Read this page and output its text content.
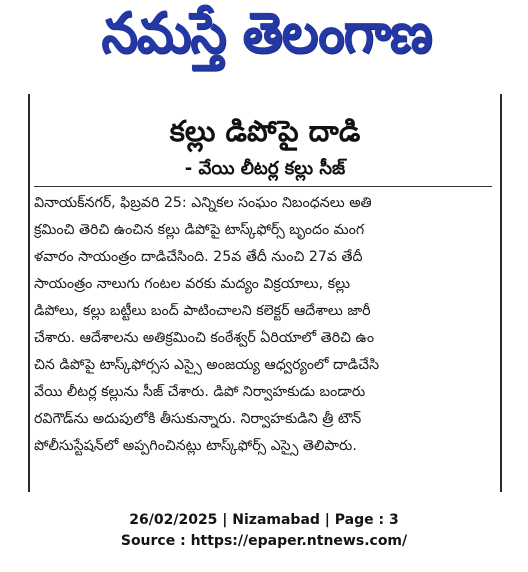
నమస్తే తెలంగాణ
కల్లు డిపోపై దాడి
- వేయి లీటర్ల కల్లు సీజ్
వినాయక్‌నగర్, ఫిబ్రవరి 25: ఎన్నికల సంఘం నిబంధనలు అతి
క్రమించి తెరిచి ఉంచిన కల్లు డిపోపై టాస్క్‌ఫోర్స్ బృందం మంగ
ళవారం సాయంత్రం దాడిచేసింది. 25వ తేదీ నుంచి 27వ తేదీ
సాయంత్రం నాలుగు గంటల వరకు మద్యం విక్రయాలు, కల్లు
డిపోలు, కల్లు బట్టీలు బంద్ పాటించాలని కలెక్టర్ ఆదేశాలు జారీ
చేశారు. ఆదేశాలను అతిక్రమించి కంఠేశ్వర్ ఏరియాలో తెరిచి ఉం
చిన డిపోపై టాస్క్‌ఫోర్సస ఎస్సై అంజయ్య ఆధ్వర్యంలో దాడిచేసి
వేయి లీటర్ల కల్లును సీజ్ చేశారు. డిపో నిర్వాహకుడు బండారు
రవిగౌడ్‌ను అదుపులోకి తీసుకున్నారు. నిర్వాహకుడిని త్రీ టౌన్
పోలీసుస్టేషన్‌లో అప్పగించినట్లు టాస్క్‌ఫోర్స్ ఎస్సై తెలిపారు.
26/02/2025 | Nizamabad | Page : 3
Source : https://epaper.ntnews.com/
